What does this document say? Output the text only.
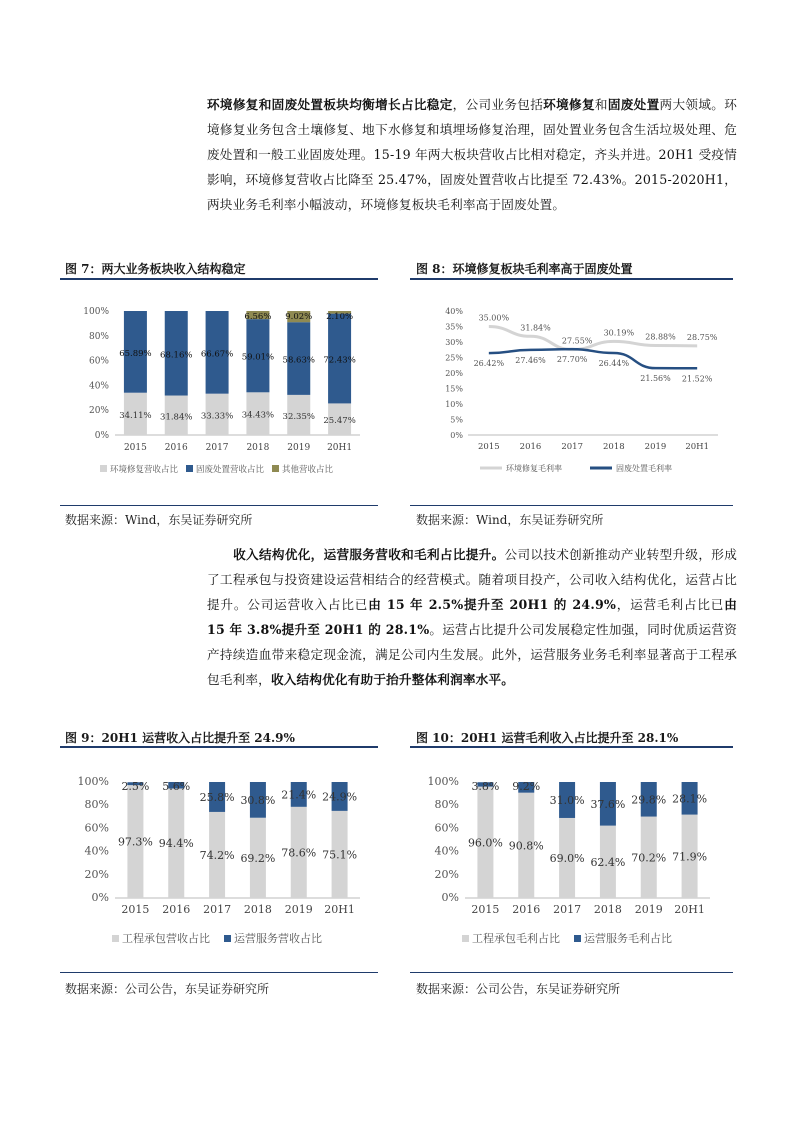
环境修复和固废处置板块均衡增长占比稳定，公司业务包括环境修复和固废处置两大领域。环境修复业务包含土壤修复、地下水修复和填埋场修复治理，固处置业务包含生活垃圾处理、危废处置和一般工业固废处理。15-19 年两大板块营收占比相对稳定，齐头并进。20H1 受疫情影响，环境修复营收占比降至 25.47%，固废处置营收占比提至 72.43%。2015-2020H1，两块业务毛利率小幅波动，环境修复板块毛利率高于固废处置。
图 7：两大业务板块收入结构稳定
0%
20%
40%
60%
80%
100%
2015
34.11%
65.89%
2016
31.84%
68.16%
2017
33.33%
66.67%
2018
34.43%
59.01%
6.56%
2019
32.35%
58.63%
9.02%
20H1
25.47%
72.43%
2.10%
环境修复营收占比 固废处置营收占比 其他营收占比
数据来源：Wind，东吴证券研究所
图 8：环境修复板块毛利率高于固废处置
0%
5%
10%
15%
20%
25%
30%
35%
40%
2015 2016 2017 2018 2019 20H1
35.00%
31.84%
27.55%
30.19% 28.88% 28.75%
26.42% 27.46% 27.70% 26.44%
21.56% 21.52%
环境修复毛利率	固废处置毛利率
数据来源：Wind，东吴证券研究所
收入结构优化，运营服务营收和毛利占比提升。公司以技术创新推动产业转型升级，形成了工程承包与投资建设运营相结合的经营模式。随着项目投产，公司收入结构优化，运营占比提升。公司运营收入占比已由 15 年 2.5%提升至 20H1 的 24.9%，运营毛利占比已由 15 年 3.8%提升至 20H1 的 28.1%。运营占比提升公司发展稳定性加强，同时优质运营资产持续造血带来稳定现金流，满足公司内生发展。此外，运营服务业务毛利率显著高于工程承包毛利率，收入结构优化有助于抬升整体利润率水平。
图 9：20H1 运营收入占比提升至 24.9%
0%
20%
40%
60%
80%
100%
2015
97.3%
2.5%
2016
94.4%
5.6%
2017
74.2%
25.8%
2018
69.2%
30.8%
2019
78.6%
21.4%
20H1
75.1%
24.9%
工程承包营收占比 运营服务营收占比
数据来源：公司公告，东吴证券研究所
图 10：20H1 运营毛利收入占比提升至 28.1%
0%
20%
40%
60%
80%
100%
2015
96.0%
3.8%
2016
90.8%
9.2%
2017
69.0%
31.0%
2018
62.4%
37.6%
2019
70.2%
29.8%
20H1
71.9%
28.1%
工程承包毛利占比 运营服务毛利占比
数据来源：公司公告，东吴证券研究所
